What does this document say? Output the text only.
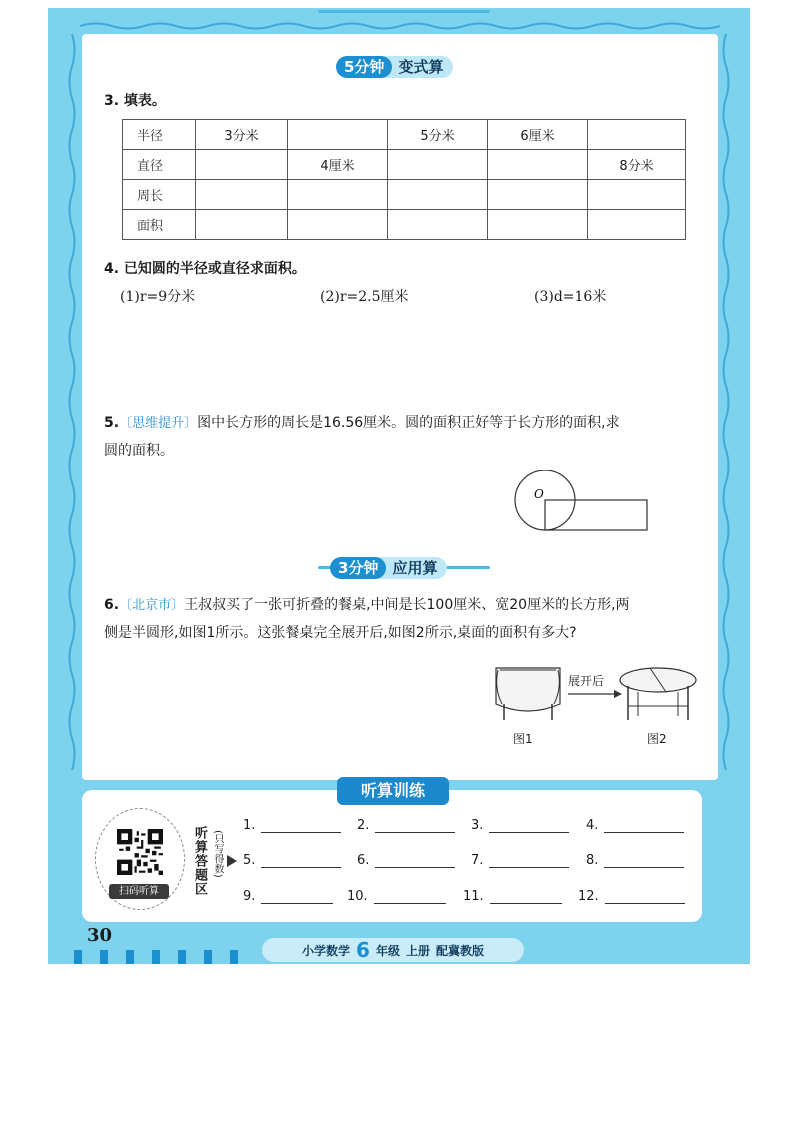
5分钟 变式算
3. 填表。
半径	3分米		5分米	6厘米	
直径		4厘米			8分米
周长					
面积					
4. 已知圆的半径或直径求面积。
(1)r=9分米	(2)r=2.5厘米	(3)d=16米
5.〔思维提升〕图中长方形的周长是16.56厘米。圆的面积正好等于长方形的面积,求
圆的面积。
O
3分钟 应用算
6.〔北京市〕王叔叔买了一张可折叠的餐桌,中间是长100厘米、宽20厘米的长方形,两
侧是半圆形,如图1所示。这张餐桌完全展开后,如图2所示,桌面的面积有多大?
展开后
图1	图2
听算训练
扫码听算	听算答题区 (只写得数)
1.	2.	3.	4.
5.	6.	7.	8.
9.	10.	11.	12.
30
小学数学 6 年级 上册 配冀教版
